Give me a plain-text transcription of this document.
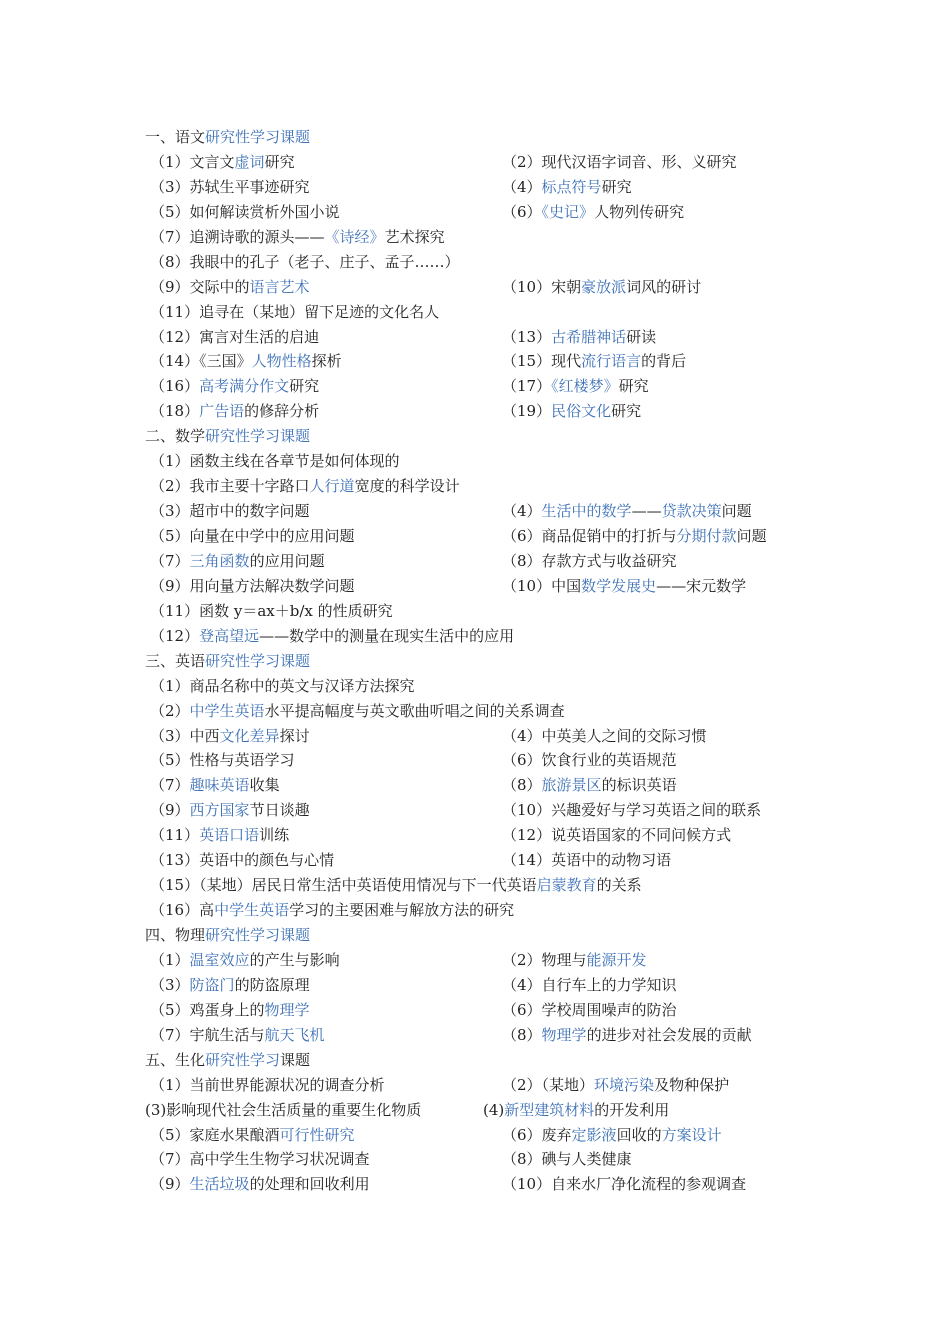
一、语文研究性学习课题
（1）文言文虚词研究	（2）现代汉语字词音、形、义研究
（3）苏轼生平事迹研究	（4）标点符号研究
（5）如何解读赏析外国小说	（6）《史记》人物列传研究
（7）追溯诗歌的源头——《诗经》艺术探究
（8）我眼中的孔子（老子、庄子、孟子……）
（9）交际中的语言艺术	（10）宋朝豪放派词风的研讨
（11）追寻在（某地）留下足迹的文化名人
（12）寓言对生活的启迪	（13）古希腊神话研读
（14）《三国》人物性格探析	（15）现代流行语言的背后
（16）高考满分作文研究	（17）《红楼梦》研究
（18）广告语的修辞分析	（19）民俗文化研究
二、数学研究性学习课题
（1）函数主线在各章节是如何体现的
（2）我市主要十字路口人行道宽度的科学设计
（3）超市中的数字问题	（4）生活中的数学——贷款决策问题
（5）向量在中学中的应用问题	（6）商品促销中的打折与分期付款问题
（7）三角函数的应用问题	（8）存款方式与收益研究
（9）用向量方法解决数学问题	（10）中国数学发展史——宋元数学
（11）函数 y＝ax＋b/x 的性质研究
（12）登高望远——数学中的测量在现实生活中的应用
三、英语研究性学习课题
（1）商品名称中的英文与汉译方法探究
（2）中学生英语水平提高幅度与英文歌曲听唱之间的关系调查
（3）中西文化差异探讨	（4）中英美人之间的交际习惯
（5）性格与英语学习	（6）饮食行业的英语规范
（7）趣味英语收集	（8）旅游景区的标识英语
（9）西方国家节日谈趣	（10）兴趣爱好与学习英语之间的联系
（11）英语口语训练	（12）说英语国家的不同问候方式
（13）英语中的颜色与心情	（14）英语中的动物习语
（15）（某地）居民日常生活中英语使用情况与下一代英语启蒙教育的关系
（16）高中学生英语学习的主要困难与解放方法的研究
四、物理研究性学习课题
（1）温室效应的产生与影响	（2）物理与能源开发
（3）防盗门的防盗原理	（4）自行车上的力学知识
（5）鸡蛋身上的物理学	（6）学校周围噪声的防治
（7）宇航生活与航天飞机	（8）物理学的进步对社会发展的贡献
五、生化研究性学习课题
（1）当前世界能源状况的调查分析	（2）（某地）环境污染及物种保护
(3)影响现代社会生活质量的重要生化物质	(4)新型建筑材料的开发利用
（5）家庭水果酿酒可行性研究	（6）废弃定影液回收的方案设计
（7）高中学生生物学习状况调查	（8）碘与人类健康
（9）生活垃圾的处理和回收利用	（10）自来水厂净化流程的参观调查
